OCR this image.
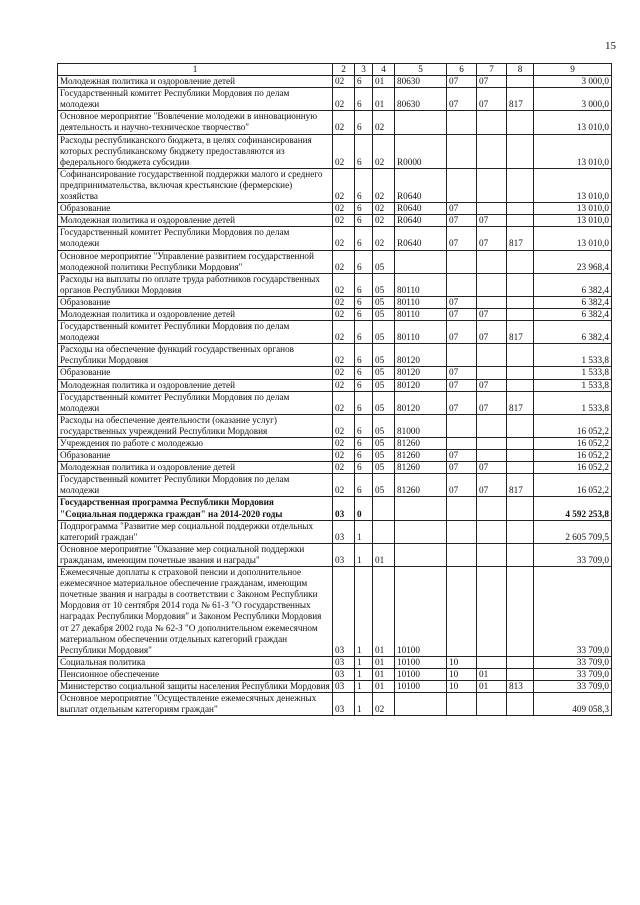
15
1	2	3	4	5	6	7	8	9
Молодежная политика и оздоровление детей	02	6	01	80630	07	07		3 000,0
Государственный комитет Республики Мордовия по делам молодежи	02	6	01	80630	07	07	817	3 000,0
Основное мероприятие "Вовлечение молодежи в инновационную деятельность и научно-техническое творчество"	02	6	02					13 010,0
Расходы республиканского бюджета, в целях софинансирования которых республиканскому бюджету предоставляются из федерального бюджета субсидии	02	6	02	R0000				13 010,0
Софинансирование государственной поддержки малого и среднего предпринимательства, включая крестьянские (фермерские) хозяйства	02	6	02	R0640				13 010,0
Образование	02	6	02	R0640	07			13 010,0
Молодежная политика и оздоровление детей	02	6	02	R0640	07	07		13 010,0
Государственный комитет Республики Мордовия по делам молодежи	02	6	02	R0640	07	07	817	13 010,0
Основное мероприятие "Управление развитием государственной молодежной политики Республики Мордовия"	02	6	05					23 968,4
Расходы на выплаты по оплате труда работников государственных органов Республики Мордовия	02	6	05	80110				6 382,4
Образование	02	6	05	80110	07			6 382,4
Молодежная политика и оздоровление детей	02	6	05	80110	07	07		6 382,4
Государственный комитет Республики Мордовия по делам молодежи	02	6	05	80110	07	07	817	6 382,4
Расходы на обеспечение функций государственных органов Республики Мордовия	02	6	05	80120				1 533,8
Образование	02	6	05	80120	07			1 533,8
Молодежная политика и оздоровление детей	02	6	05	80120	07	07		1 533,8
Государственный комитет Республики Мордовия по делам молодежи	02	6	05	80120	07	07	817	1 533,8
Расходы на обеспечение деятельности (оказание услуг) государственных учреждений Республики Мордовия	02	6	05	81000				16 052,2
Учреждения по работе с молодежью	02	6	05	81260				16 052,2
Образование	02	6	05	81260	07			16 052,2
Молодежная политика и оздоровление детей	02	6	05	81260	07	07		16 052,2
Государственный комитет Республики Мордовия по делам молодежи	02	6	05	81260	07	07	817	16 052,2
Государственная программа Республики Мордовия "Социальная поддержка граждан" на 2014-2020 годы	03	0						4 592 253,8
Подпрограмма "Развитие мер социальной поддержки отдельных категорий граждан"	03	1						2 605 709,5
Основное мероприятие "Оказание мер социальной поддержки гражданам, имеющим почетные звания и награды"	03	1	01					33 709,0
Ежемесячные доплаты к страховой пенсии и дополнительное ежемесячное материальное обеспечение гражданам, имеющим почетные звания и награды в соответствии с Законом Республики Мордовия от 10 сентября 2014 года № 61-З "О государственных наградах Республики Мордовия" и Законом Республики Мордовия от 27 декабря 2002 года № 62-З "О дополнительном ежемесячном материальном обеспечении отдельных категорий граждан Республики Мордовия"	03	1	01	10100				33 709,0
Социальная политика	03	1	01	10100	10			33 709,0
Пенсионное обеспечение	03	1	01	10100	10	01		33 709,0
Министерство социальной защиты населения Республики Мордовия	03	1	01	10100	10	01	813	33 709,0
Основное мероприятие "Осуществление ежемесячных денежных выплат отдельным категориям граждан"	03	1	02					409 058,3
